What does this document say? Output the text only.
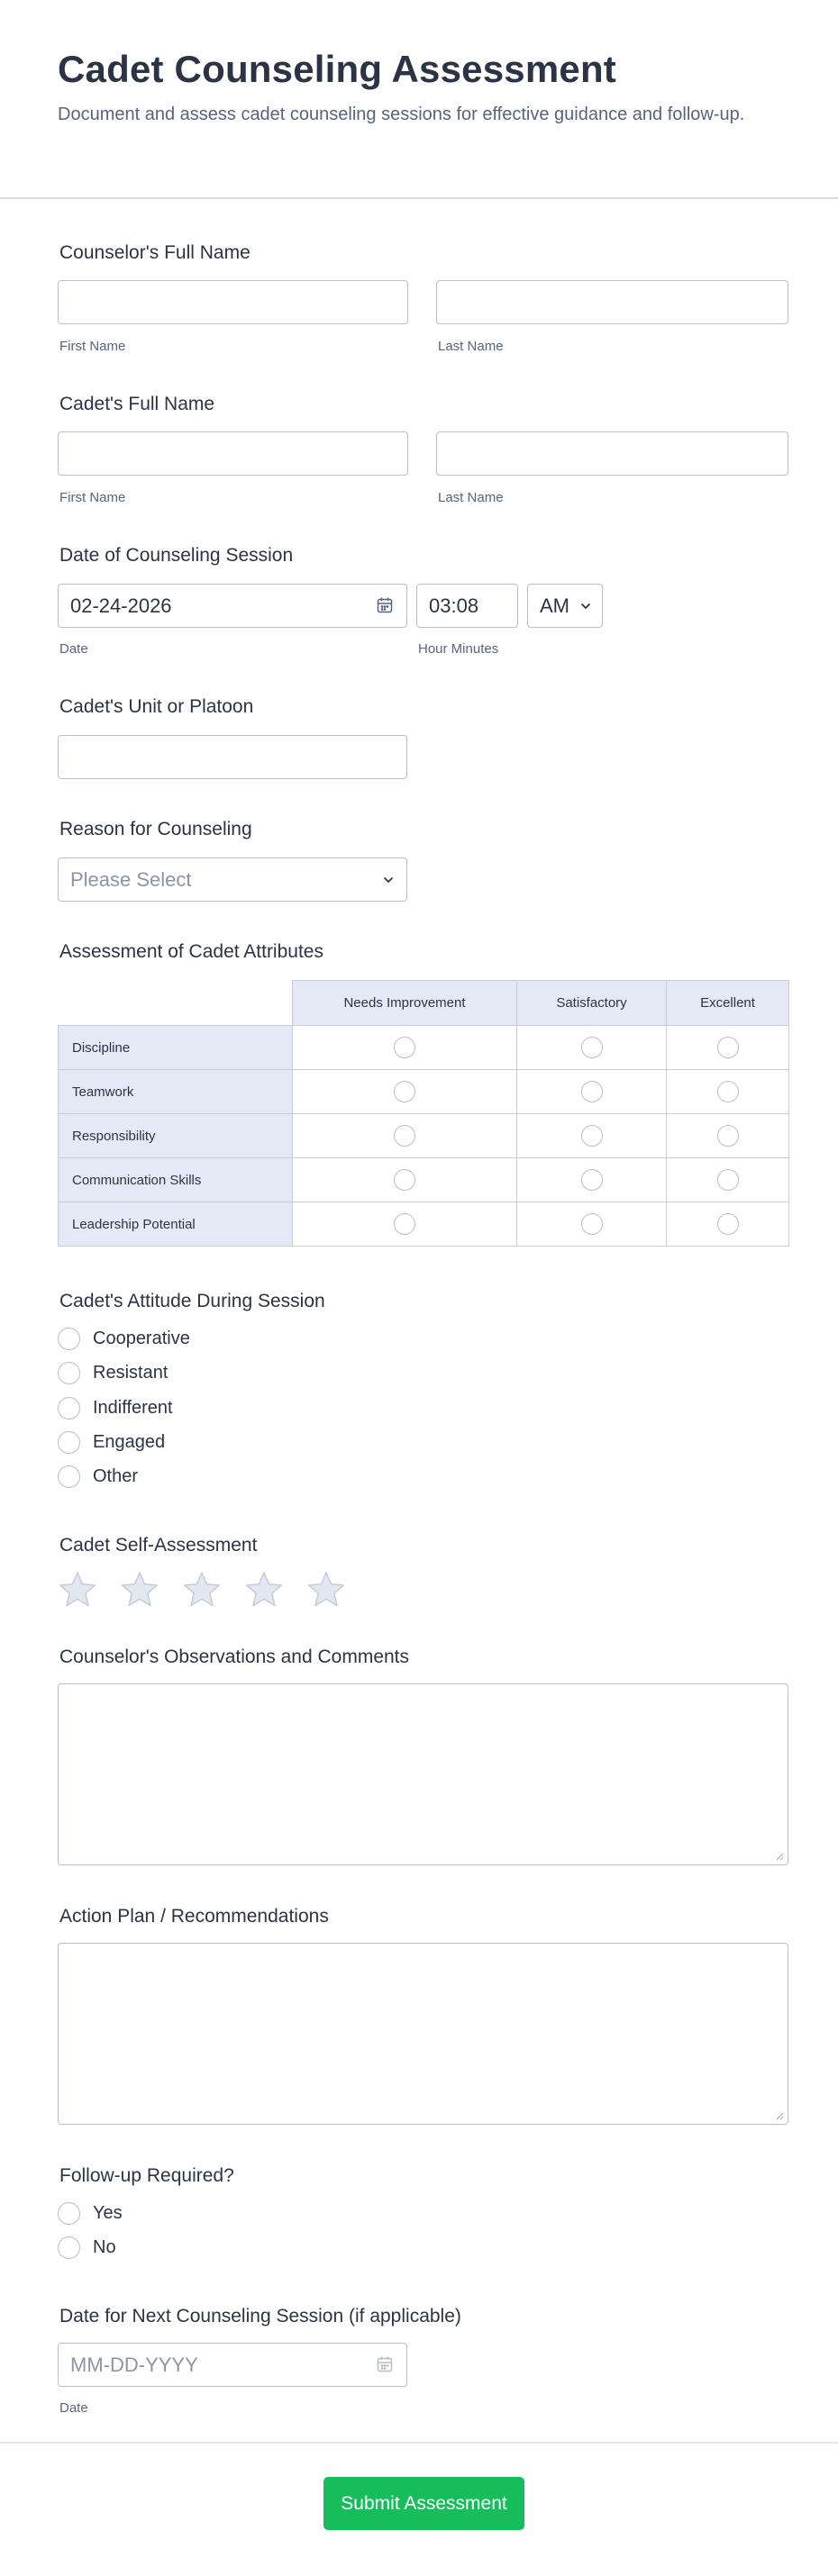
Cadet Counseling Assessment
Document and assess cadet counseling sessions for effective guidance and follow-up.
Counselor's Full Name
First Name	Last Name
Cadet's Full Name
First Name	Last Name
Date of Counseling Session
02-24-2026	03:08	AM
Date	Hour Minutes
Cadet's Unit or Platoon
Reason for Counseling
Please Select
Assessment of Cadet Attributes
	Needs Improvement	Satisfactory	Excellent
Discipline			
Teamwork			
Responsibility			
Communication Skills			
Leadership Potential			
Cadet's Attitude During Session
Cooperative
Resistant
Indifferent
Engaged
Other
Cadet Self-Assessment
Counselor's Observations and Comments
Action Plan / Recommendations
Follow-up Required?
Yes
No
Date for Next Counseling Session (if applicable)
MM-DD-YYYY
Date
Submit Assessment
